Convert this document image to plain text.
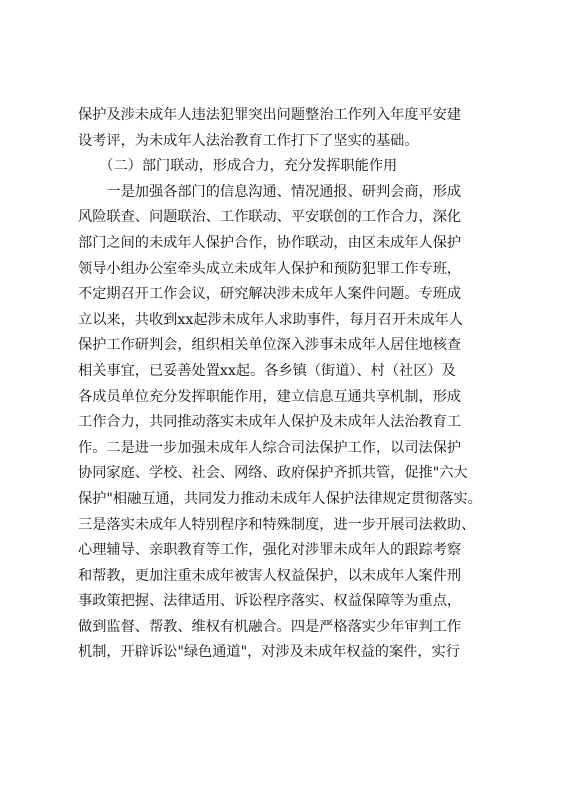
保护及涉未成年人违法犯罪突出问题整治工作列入年度平安建
设考评，为未成年人法治教育工作打下了坚实的基础。
　　（二）部门联动，形成合力，充分发挥职能作用
　　一是加强各部门的信息沟通、情况通报、研判会商，形成
风险联查、问题联治、工作联动、平安联创的工作合力，深化
部门之间的未成年人保护合作，协作联动，由区未成年人保护
领导小组办公室牵头成立未成年人保护和预防犯罪工作专班，
不定期召开工作会议，研究解决涉未成年人案件问题。专班成
立以来，共收到xx起涉未成年人求助事件，每月召开未成年人
保护工作研判会，组织相关单位深入涉事未成年人居住地核查
相关事宜，已妥善处置xx起。各乡镇（街道）、村（社区）及
各成员单位充分发挥职能作用，建立信息互通共享机制，形成
工作合力，共同推动落实未成年人保护及未成年人法治教育工
作。二是进一步加强未成年人综合司法保护工作，以司法保护
协同家庭、学校、社会、网络、政府保护齐抓共管，促推"六大
保护"相融互通，共同发力推动未成年人保护法律规定贯彻落实。
三是落实未成年人特别程序和特殊制度，进一步开展司法救助、
心理辅导、亲职教育等工作，强化对涉罪未成年人的跟踪考察
和帮教，更加注重未成年被害人权益保护，以未成年人案件刑
事政策把握、法律适用、诉讼程序落实、权益保障等为重点，
做到监督、帮教、维权有机融合。四是严格落实少年审判工作
机制，开辟诉讼"绿色通道"，对涉及未成年权益的案件，实行
